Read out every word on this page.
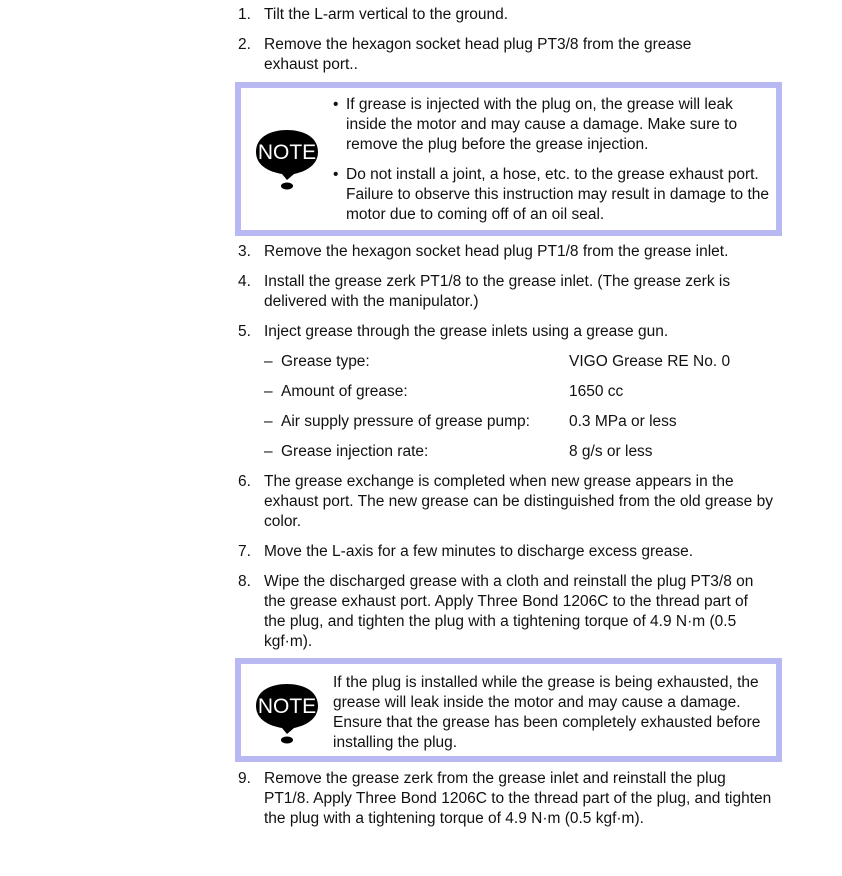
1. Tilt the L-arm vertical to the ground.
2. Remove the hexagon socket head plug PT3/8 from the grease exhaust port..
NOTE
• If grease is injected with the plug on, the grease will leak inside the motor and may cause a damage. Make sure to remove the plug before the grease injection.
• Do not install a joint, a hose, etc. to the grease exhaust port. Failure to observe this instruction may result in damage to the motor due to coming off of an oil seal.
3. Remove the hexagon socket head plug PT1/8 from the grease inlet.
4. Install the grease zerk PT1/8 to the grease inlet. (The grease zerk is delivered with the manipulator.)
5. Inject grease through the grease inlets using a grease gun.
– Grease type:	VIGO Grease RE No. 0
– Amount of grease:	1650 cc
– Air supply pressure of grease pump:	0.3 MPa or less
– Grease injection rate:	8 g/s or less
6. The grease exchange is completed when new grease appears in the exhaust port. The new grease can be distinguished from the old grease by color.
7. Move the L-axis for a few minutes to discharge excess grease.
8. Wipe the discharged grease with a cloth and reinstall the plug PT3/8 on the grease exhaust port. Apply Three Bond 1206C to the thread part of the plug, and tighten the plug with a tightening torque of 4.9 N·m (0.5 kgf·m).
NOTE
If the plug is installed while the grease is being exhausted, the grease will leak inside the motor and may cause a damage. Ensure that the grease has been completely exhausted before installing the plug.
9. Remove the grease zerk from the grease inlet and reinstall the plug PT1/8. Apply Three Bond 1206C to the thread part of the plug, and tighten the plug with a tightening torque of 4.9 N·m (0.5 kgf·m).
